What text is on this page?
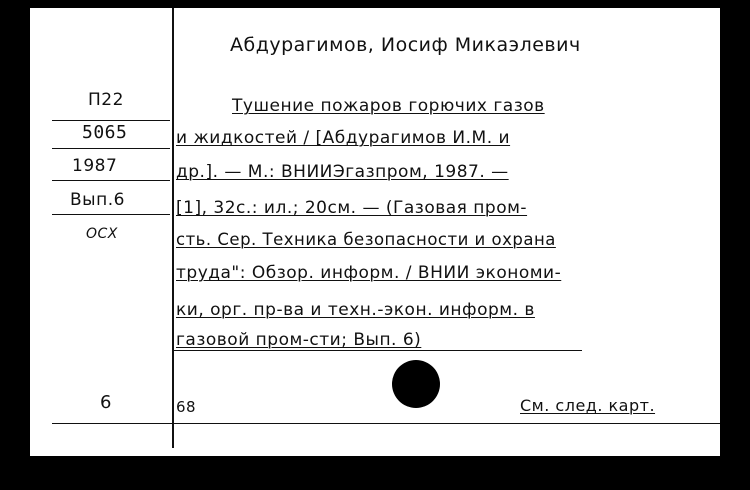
Абдурагимов, Иосиф Микаэлевич
П22
5065
1987
Вып.6
OCX
6
Тушение пожаров горючих газов
и жидкостей / [Абдурагимов И.М. и
др.]. — М.: ВНИИЭгазпром, 1987. —
[1], 32с.: ил.; 20см. — (Газовая пром-
сть. Сер. Техника безопасности и охрана
труда": Обзор. информ. / ВНИИ экономи-
ки, орг. пр-ва и техн.-экон. информ. в
газовой пром-сти; Вып. 6)
68	См. след. карт.
